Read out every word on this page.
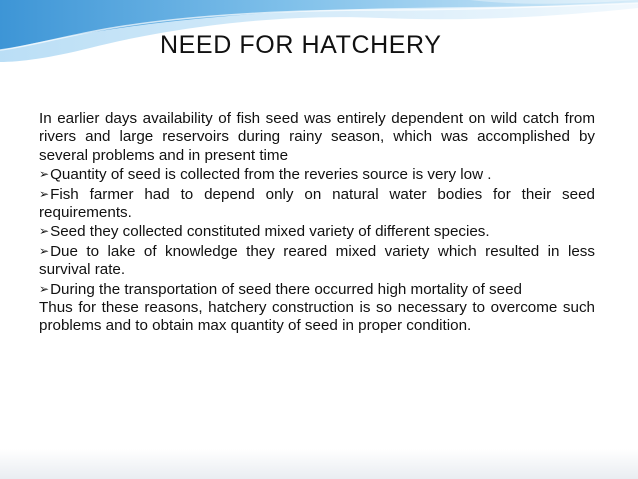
NEED FOR HATCHERY

In earlier days availability of fish seed was entirely dependent on wild catch from rivers and large reservoirs during rainy season, which was accomplished by several problems and in present time

➢Quantity of seed is collected from the reveries source is very low .

➢Fish farmer had to depend only on natural water bodies for their seed requirements.

➢Seed they collected constituted mixed variety of different species.

➢Due to lake of knowledge they reared mixed variety which resulted in less survival rate.

➢During the transportation of seed there occurred high mortality of seed

Thus for these reasons, hatchery construction is so necessary to overcome such problems and to obtain max quantity of seed in proper condition.
